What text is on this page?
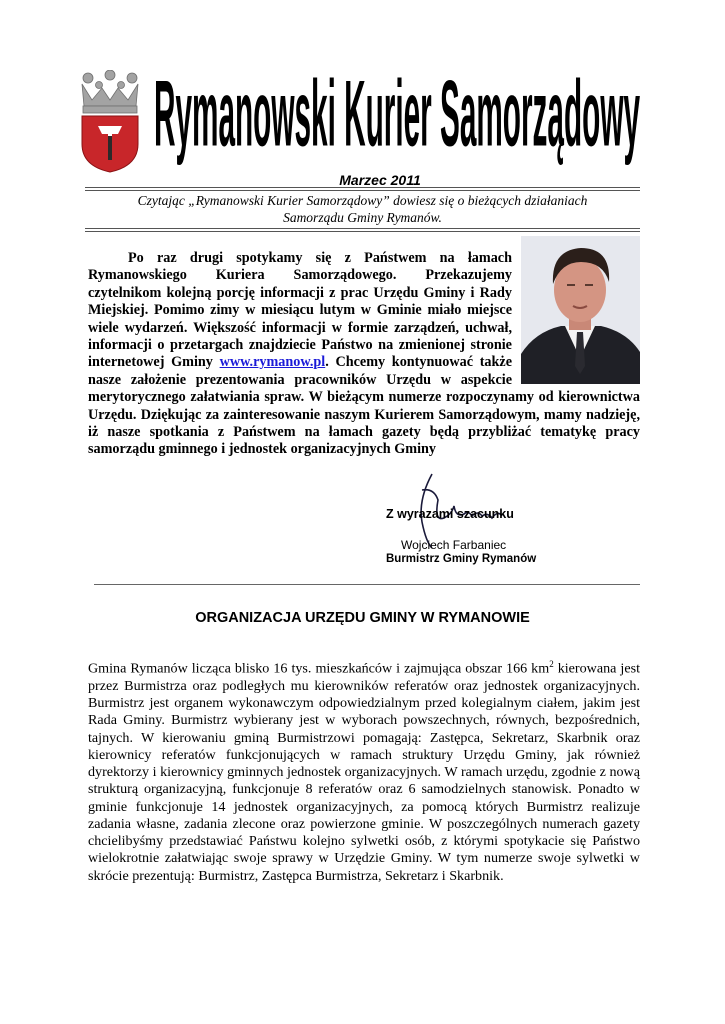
Rymanowski Kurier Samorządowy
Marzec 2011
Czytając „Rymanowski Kurier Samorządowy” dowiesz się o bieżących działaniach
Samorządu Gminy Rymanów.

Po raz drugi spotykamy się z Państwem na łamach Rymanowskiego Kuriera Samorządowego. Przekazujemy czytelnikom kolejną porcję informacji z prac Urzędu Gminy i Rady Miejskiej. Pomimo zimy w miesiącu lutym w Gminie miało miejsce wiele wydarzeń. Większość informacji w formie zarządzeń, uchwał, informacji o przetargach znajdziecie Państwo na zmienionej stronie internetowej Gminy www.rymanow.pl. Chcemy kontynuować także nasze założenie prezentowania pracowników Urzędu w aspekcie merytorycznego załatwiania spraw. W bieżącym numerze rozpoczynamy od kierownictwa Urzędu. Dziękując za zainteresowanie naszym Kurierem Samorządowym, mamy nadzieję, iż nasze spotkania z Państwem na łamach gazety będą przybliżać tematykę pracy samorządu gminnego i jednostek organizacyjnych Gminy

Z wyrazami szacunku
Wojciech Farbaniec
Burmistrz Gminy Rymanów
ORGANIZACJA URZĘDU GMINY W RYMANOWIE

Gmina Rymanów licząca blisko 16 tys. mieszkańców i zajmująca obszar 166 $km^2$ kierowana jest przez Burmistrza oraz podległych mu kierowników referatów oraz jednostek organizacyjnych. Burmistrz jest organem wykonawczym odpowiedzialnym przed kolegialnym ciałem, jakim jest Rada Gminy. Burmistrz wybierany jest w wyborach powszechnych, równych, bezpośrednich, tajnych. W kierowaniu gminą Burmistrzowi pomagają: Zastępca, Sekretarz, Skarbnik oraz kierownicy referatów funkcjonujących w ramach struktury Urzędu Gminy, jak również dyrektorzy i kierownicy gminnych jednostek organizacyjnych. W ramach urzędu, zgodnie z nową strukturą organizacyjną, funkcjonuje 8 referatów oraz 6 samodzielnych stanowisk. Ponadto w gminie funkcjonuje 14 jednostek organizacyjnych, za pomocą których Burmistrz realizuje zadania własne, zadania zlecone oraz powierzone gminie. W poszczególnych numerach gazety chcielibyśmy przedstawiać Państwu kolejno sylwetki osób, z którymi spotykacie się Państwo wielokrotnie załatwiając swoje sprawy w Urzędzie Gminy. W tym numerze swoje sylwetki w skrócie prezentują: Burmistrz, Zastępca Burmistrza, Sekretarz i Skarbnik.
